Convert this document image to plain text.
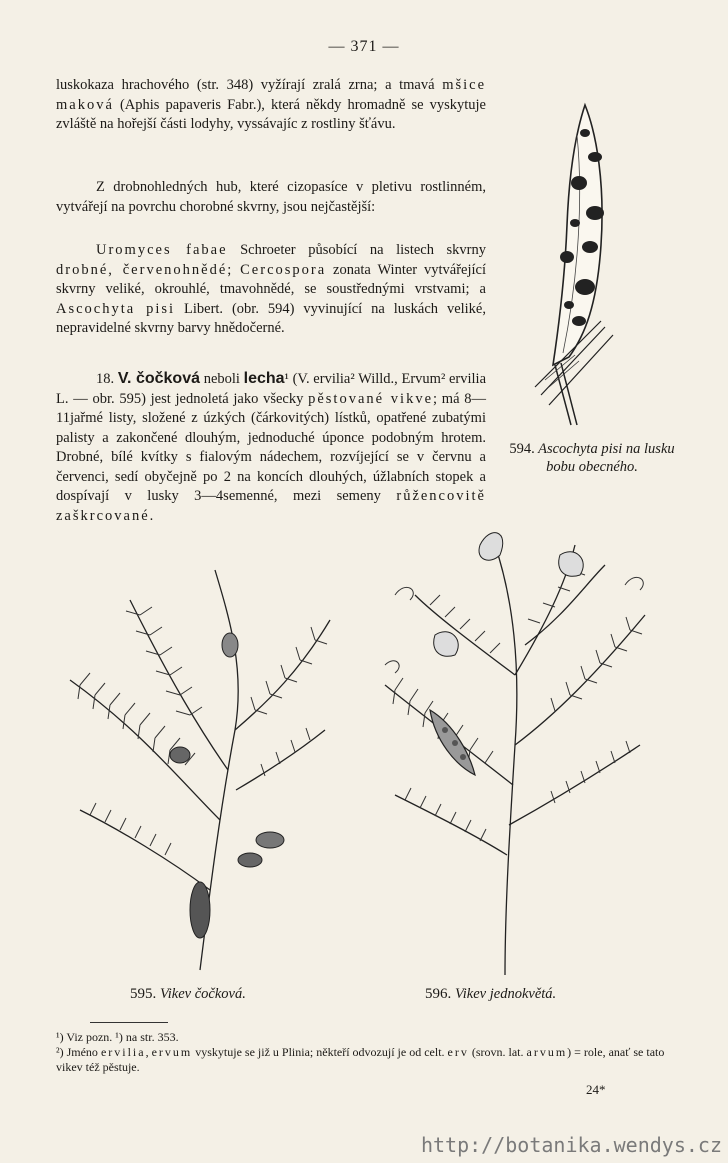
— 371 —

luskokaza hrachového (str. 348) vyžírají zralá zrna; a tmavá mšice maková (Aphis papaveris Fabr.), která někdy hromadně se vyskytuje zvláště na hořejší části lodyhy, vyssávajíc z rostliny šťávu.

Z drobnohledných hub, které cizopasíce v pletivu rostlinném, vytvářejí na povrchu chorobné skvrny, jsou nejčastější:

Uromyces fabae Schroeter působící na listech skvrny drobné, červenohnědé; Cercospora zonata Winter vytvářející skvrny veliké, okrouhlé, tmavohnědé, se soustřednými vrstvami; a Ascochyta pisi Libert. (obr. 594) vyvinující na luskách veliké, nepravidelné skvrny barvy hnědočerné.

18. V. čočková neboli lecha¹ (V. ervilia² Willd., Ervum² ervilia L. — obr. 595) jest jednoletá jako všecky pěstované vikve; má 8—11jařmé listy, složené z úzkých (čárkovitých) lístků, opatřené zubatými palisty a zakončené dlouhým, jednoduché úponce podobným hrotem. Drobné, bílé kvítky s fialovým nádechem, rozvíjející se v červnu a červenci, sedí obyčejně po 2 na koncích dlouhých, úžlabních stopek a dospívají v lusky 3—4semenné, mezi semeny růžencovitě zaškrcované.

594. Ascochyta pisi na lusku bobu obecného.
595. Vikev čočková.	596. Vikev jednokvětá.
¹) Viz pozn. ¹) na str. 353.
²) Jméno ervilia, ervum vyskytuje se již u Plinia; někteří odvozují je od celt. erv (srovn. lat. arvum) = role, anať se tato vikev též pěstuje.
24*
http://botanika.wendys.cz
